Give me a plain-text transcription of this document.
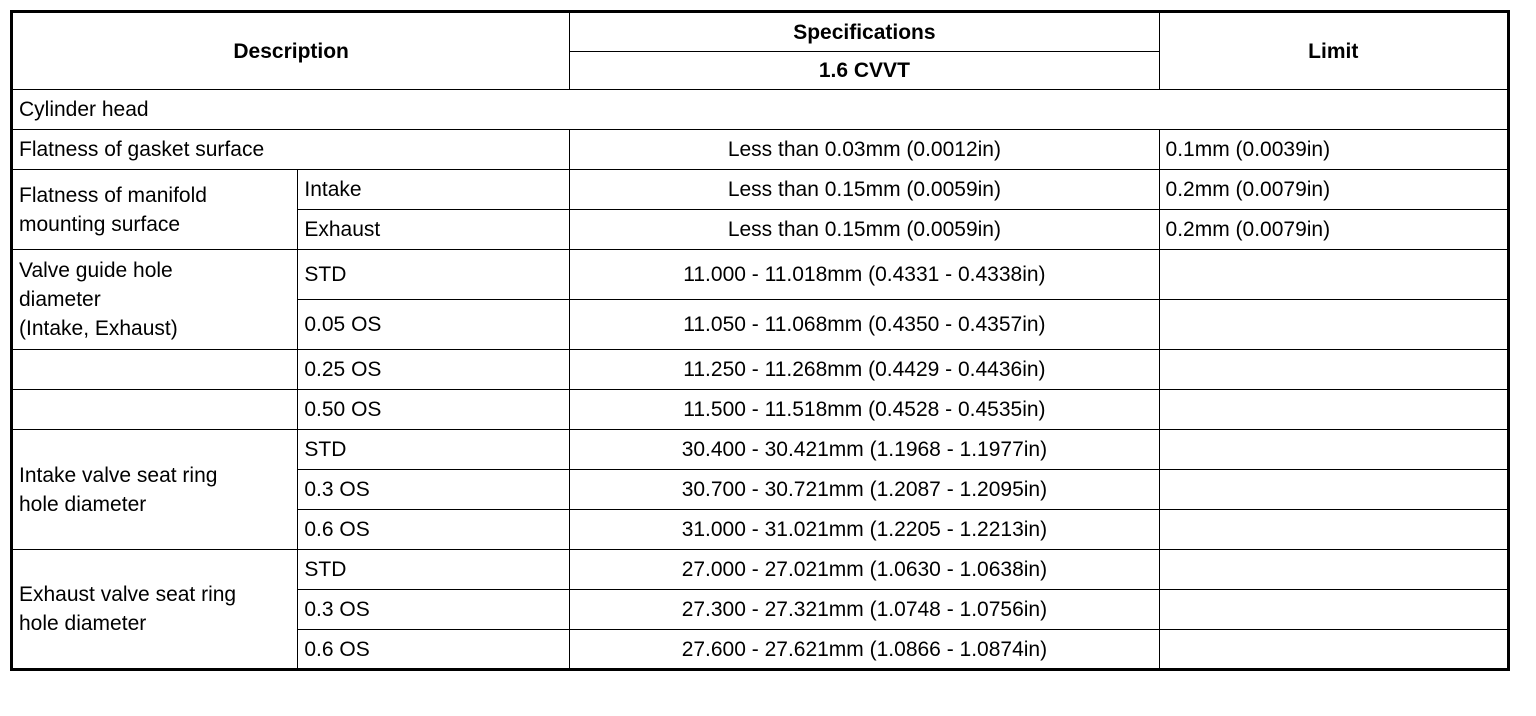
Description		Specifications	Limit
		1.6 CVVT	
Cylinder head			
Flatness of gasket surface		Less than 0.03mm (0.0012in)	0.1mm (0.0039in)
Flatness of manifold mounting surface	Intake	Less than 0.15mm (0.0059in)	0.2mm (0.0079in)
	Exhaust	Less than 0.15mm (0.0059in)	0.2mm (0.0079in)
Valve guide hole
diameter
(Intake, Exhaust)	STD	11.000 - 11.018mm (0.4331 - 0.4338in)	
	0.05 OS	11.050 - 11.068mm (0.4350 - 0.4357in)	
	0.25 OS	11.250 - 11.268mm (0.4429 - 0.4436in)	
	0.50 OS	11.500 - 11.518mm (0.4528 - 0.4535in)	
Intake valve seat ring
hole diameter	STD	30.400 - 30.421mm (1.1968 - 1.1977in)	
	0.3 OS	30.700 - 30.721mm (1.2087 - 1.2095in)	
	0.6 OS	31.000 - 31.021mm (1.2205 - 1.2213in)	
Exhaust valve seat ring
hole diameter	STD	27.000 - 27.021mm (1.0630 - 1.0638in)	
	0.3 OS	27.300 - 27.321mm (1.0748 - 1.0756in)	
	0.6 OS	27.600 - 27.621mm (1.0866 - 1.0874in)	
